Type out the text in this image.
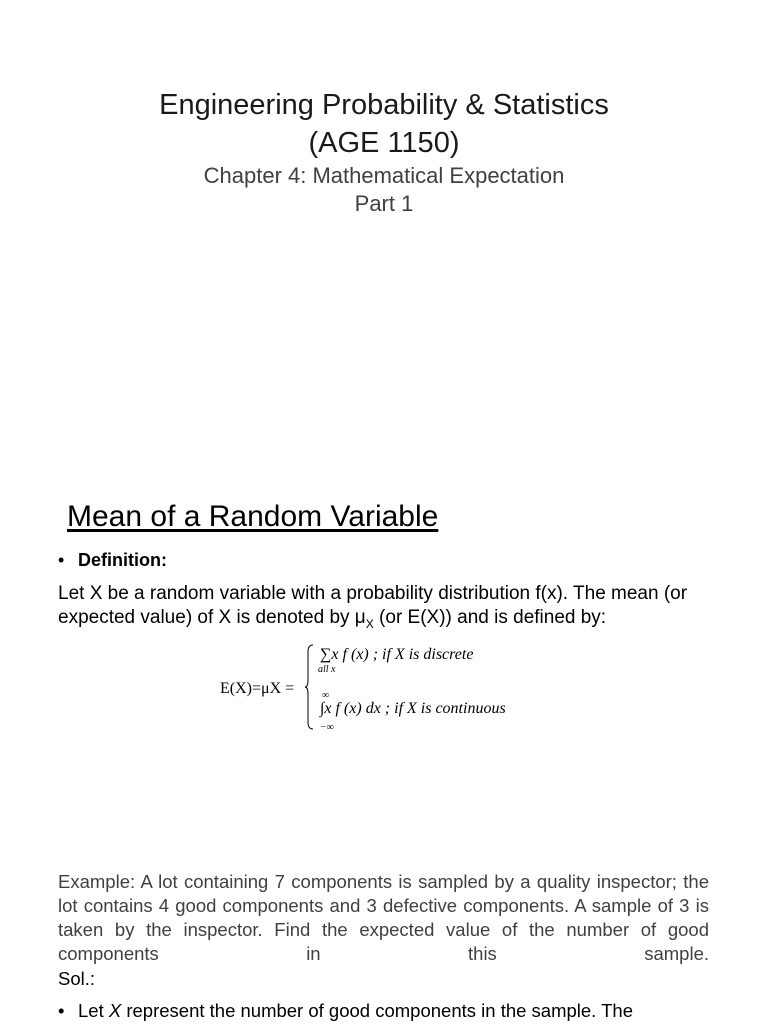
Engineering Probability & Statistics
(AGE 1150)
Chapter 4: Mathematical Expectation
Part 1
Mean of a Random Variable
• Definition:
Let X be a random variable with a probability distribution f(x). The mean (or expected value) of X is denoted by $\mu_X$ (or E(X)) and is defined by:
E(X)=μX =
∑x f (x) ; if X is discrete
all x
∞
∫x f (x) dx ; if X is continuous
−∞
Example: A lot containing 7 components is sampled by a quality inspector; the lot contains 4 good components and 3 defective components. A sample of 3 is taken by the inspector. Find the expected value of the number of good components in this sample.
Sol.:
• Let X represent the number of good components in the sample. The
